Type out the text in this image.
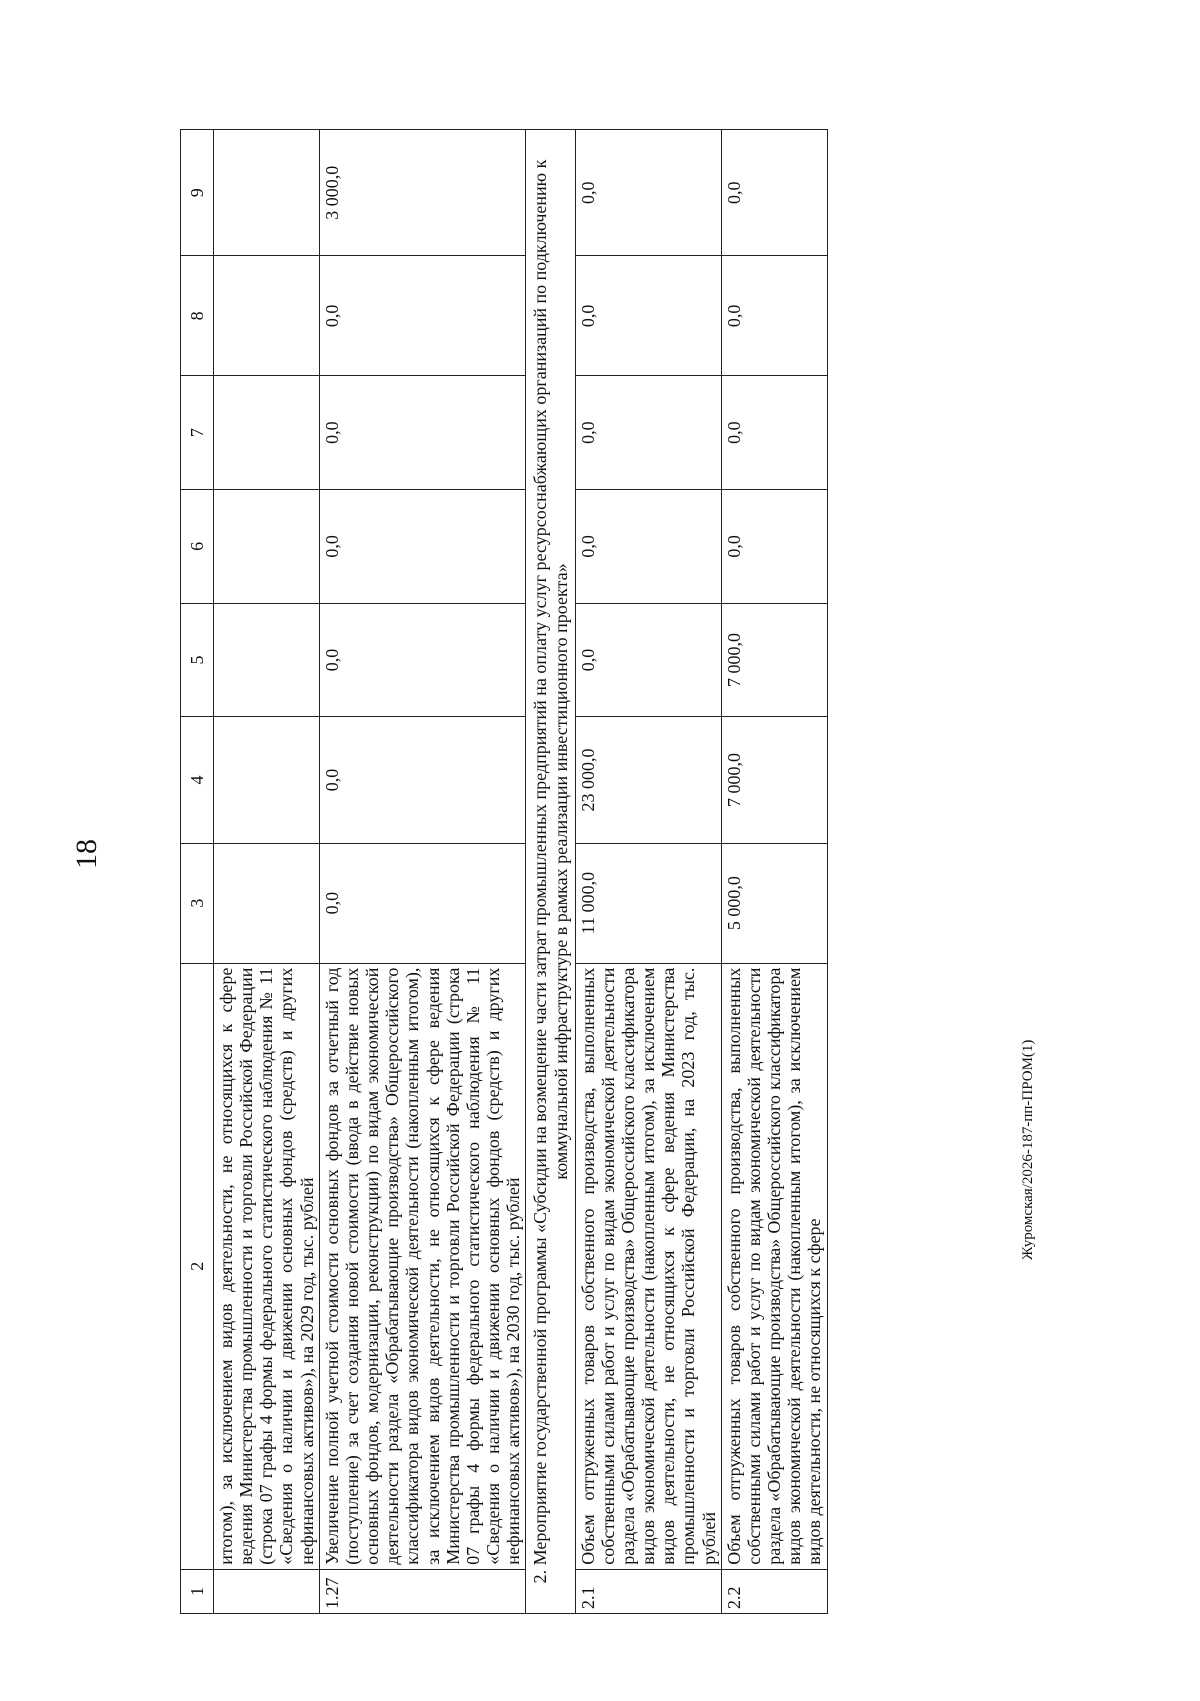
18
Журомская/2026-187-пп-ПРОМ(1)
1	2	3	4	5	6	7	8	9
	итогом), за исключением видов деятельности, не относящихся к сфере ведения Министерства промышленности и торговли Российской Федерации (строка 07 графы 4 формы федерального статистического наблюдения № 11 «Сведения о наличии и движении основных фондов (средств) и других нефинансовых активов»), на 2029 год, тыс. рублей							
1.27	Увеличение полной учетной стоимости основных фондов за отчетный год (поступление) за счет создания новой стоимости (ввода в действие новых основных фондов, модернизации, реконструкции) по видам экономической деятельности раздела «Обрабатывающие производства» Общероссийского классификатора видов экономической деятельности (накопленным итогом), за исключением видов деятельности, не относящихся к сфере ведения Министерства промышленности и торговли Российской Федерации (строка 07 графы 4 формы федерального статистического наблюдения № 11 «Сведения о наличии и движении основных фондов (средств) и других нефинансовых активов»), на 2030 год, тыс. рублей	0,0	0,0	0,0	0,0	0,0	0,0	3 000,0
2. Мероприятие государственной программы «Субсидии на возмещение части затрат промышленных предприятий на оплату услуг ресурсоснабжающих организаций по подключению к коммунальной инфраструктуре в рамках реализации инвестиционного проекта»								
2.1	Объем отгруженных товаров собственного производства, выполненных собственными силами работ и услуг по видам экономической деятельности раздела «Обрабатывающие производства» Общероссийского классификатора видов экономической деятельности (накопленным итогом), за исключением видов деятельности, не относящихся к сфере ведения Министерства промышленности и торговли Российской Федерации, на 2023 год, тыс. рублей	11 000,0	23 000,0	0,0	0,0	0,0	0,0	0,0
2.2	Объем отгруженных товаров собственного производства, выполненных собственными силами работ и услуг по видам экономической деятельности раздела «Обрабатывающие производства» Общероссийского классификатора видов экономической деятельности (накопленным итогом), за исключением видов деятельности, не относящихся к сфере	5 000,0	7 000,0	7 000,0	0,0	0,0	0,0	0,0
